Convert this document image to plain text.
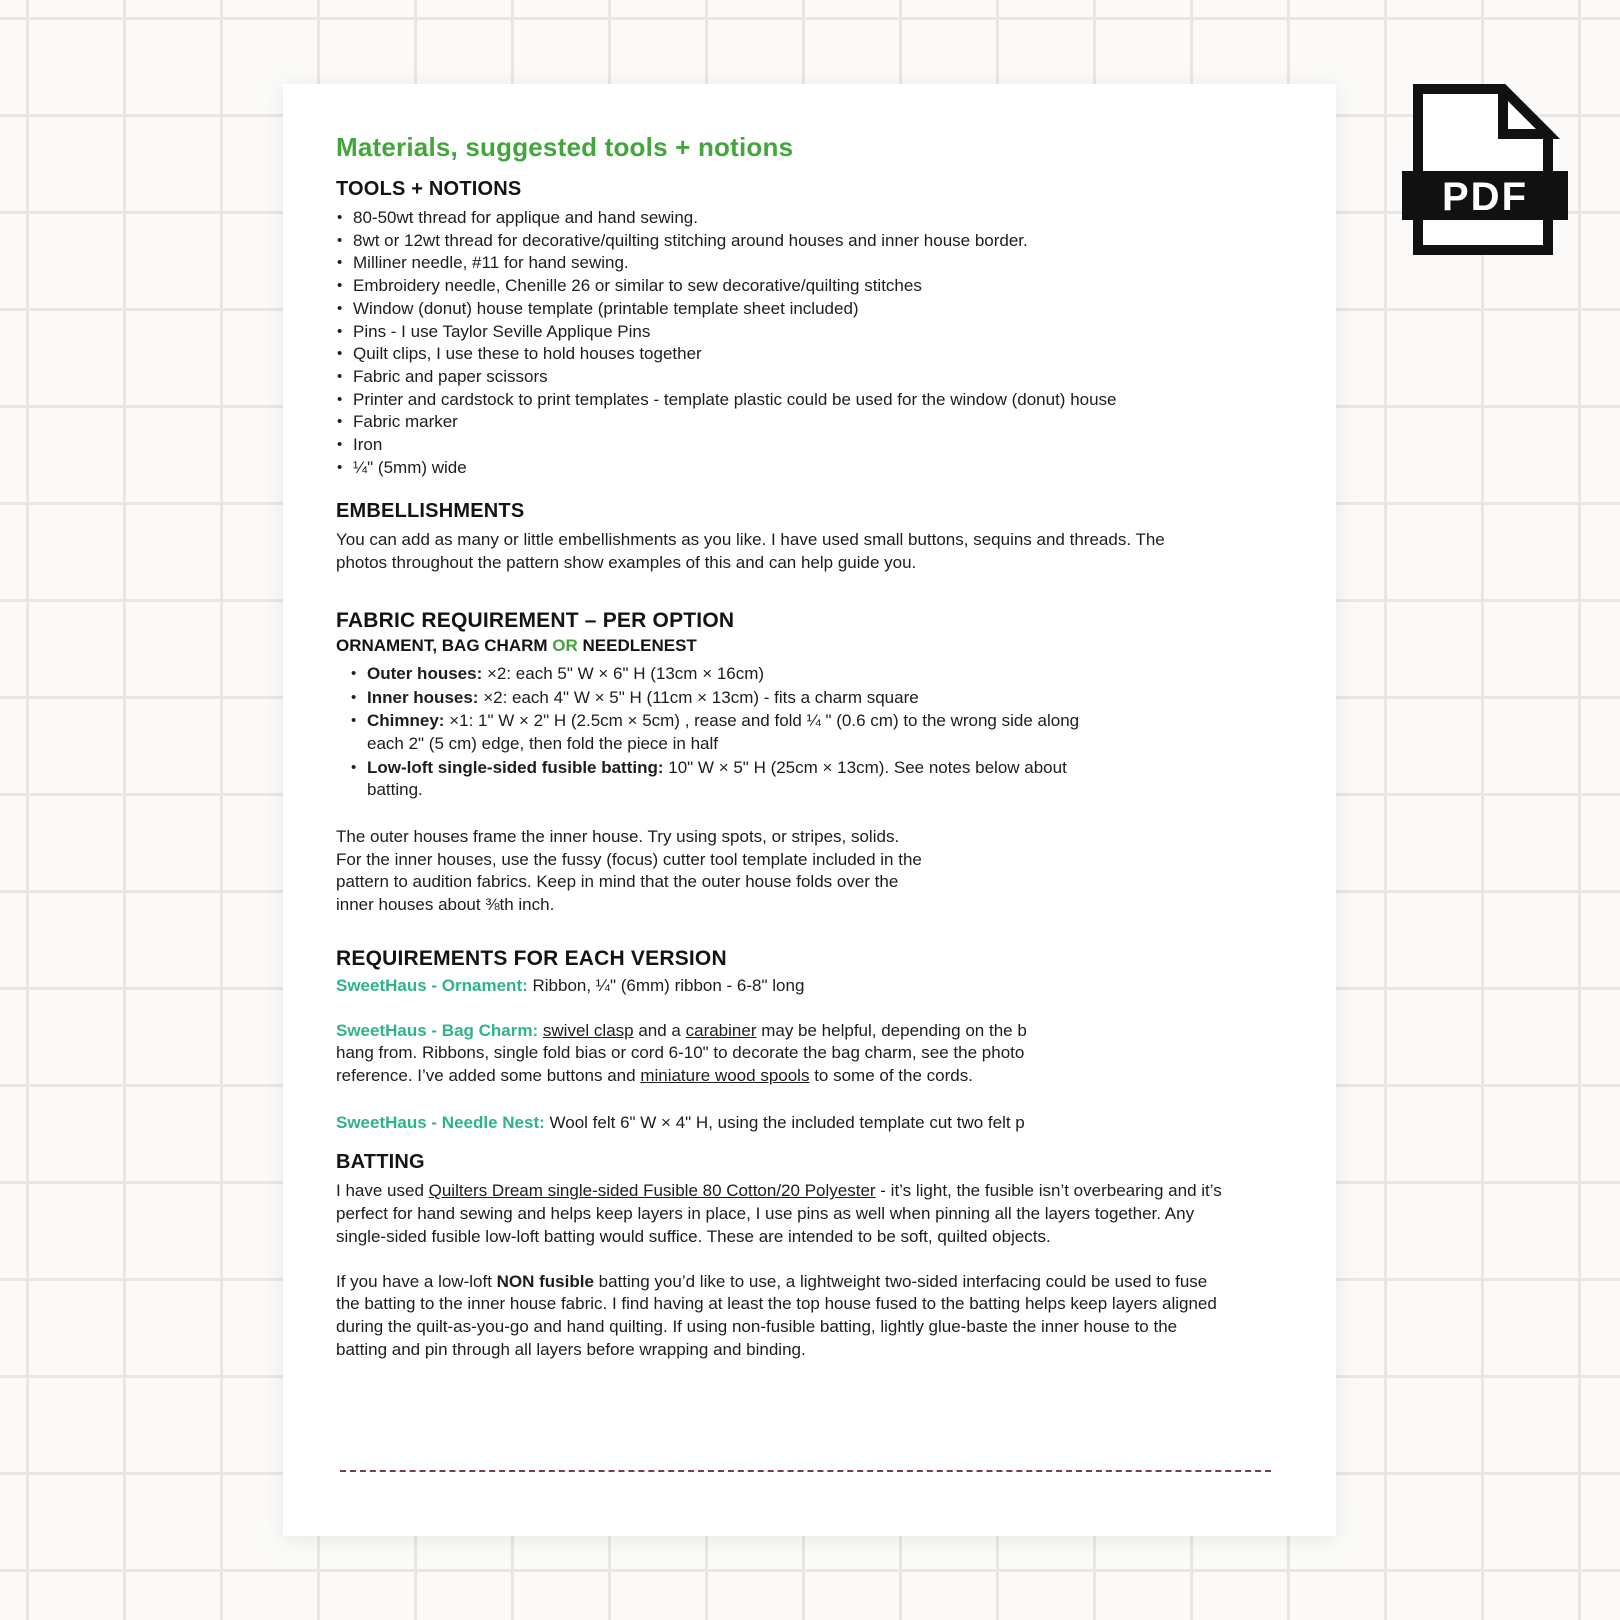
Materials, suggested tools + notions
TOOLS + NOTIONS
• 80-50wt thread for applique and hand sewing.
• 8wt or 12wt thread for decorative/quilting stitching around houses and inner house border.
• Milliner needle, #11 for hand sewing.
• Embroidery needle, Chenille 26 or similar to sew decorative/quilting stitches
• Window (donut) house template (printable template sheet included)
• Pins - I use Taylor Seville Applique Pins
• Quilt clips, I use these to hold houses together
• Fabric and paper scissors
• Printer and cardstock to print templates - template plastic could be used for the window (donut) house
• Fabric marker
• Iron
• ¼" (5mm) wide
EMBELLISHMENTS

You can add as many or little embellishments as you like. I have used small buttons, sequins and threads. The photos throughout the pattern show examples of this and can help guide you.

FABRIC REQUIREMENT – PER OPTION
ORNAMENT, BAG CHARM OR NEEDLENEST
• Outer houses: ×2: each 5" W × 6" H (13cm × 16cm)
• Inner houses: ×2: each 4" W × 5" H (11cm × 13cm) - fits a charm square
• Chimney: ×1: 1" W × 2" H (2.5cm × 5cm) , rease and fold ¼ " (0.6 cm) to the wrong side along each 2" (5 cm) edge, then fold the piece in half
• Low-loft single-sided fusible batting: 10" W × 5" H (25cm × 13cm). See notes below about batting.

The outer houses frame the inner house. Try using spots, or stripes, solids. For the inner houses, use the fussy (focus) cutter tool template included in the pattern to audition fabrics. Keep in mind that the outer house folds over the inner houses about ⅜th inch.

REQUIREMENTS FOR EACH VERSION

SweetHaus - Ornament: Ribbon, ¼" (6mm) ribbon - 6-8" long

SweetHaus - Bag Charm: swivel clasp and a carabiner may be helpful, depending on the b

hang from. Ribbons, single fold bias or cord 6-10" to decorate the bag charm, see the photo

reference. I’ve added some buttons and miniature wood spools to some of the cords.

SweetHaus - Needle Nest: Wool felt 6" W × 4" H, using the included template cut two felt p

BATTING

I have used Quilters Dream single-sided Fusible 80 Cotton/20 Polyester - it’s light, the fusible isn’t overbearing and it’s perfect for hand sewing and helps keep layers in place, I use pins as well when pinning all the layers together. Any single-sided fusible low-loft batting would suffice. These are intended to be soft, quilted objects.

If you have a low-loft NON fusible batting you’d like to use, a lightweight two-sided interfacing could be used to fuse the batting to the inner house fabric. I find having at least the top house fused to the batting helps keep layers aligned during the quilt-as-you-go and hand quilting. If using non-fusible batting, lightly glue-baste the inner house to the batting and pin through all layers before wrapping and binding.

PDF
